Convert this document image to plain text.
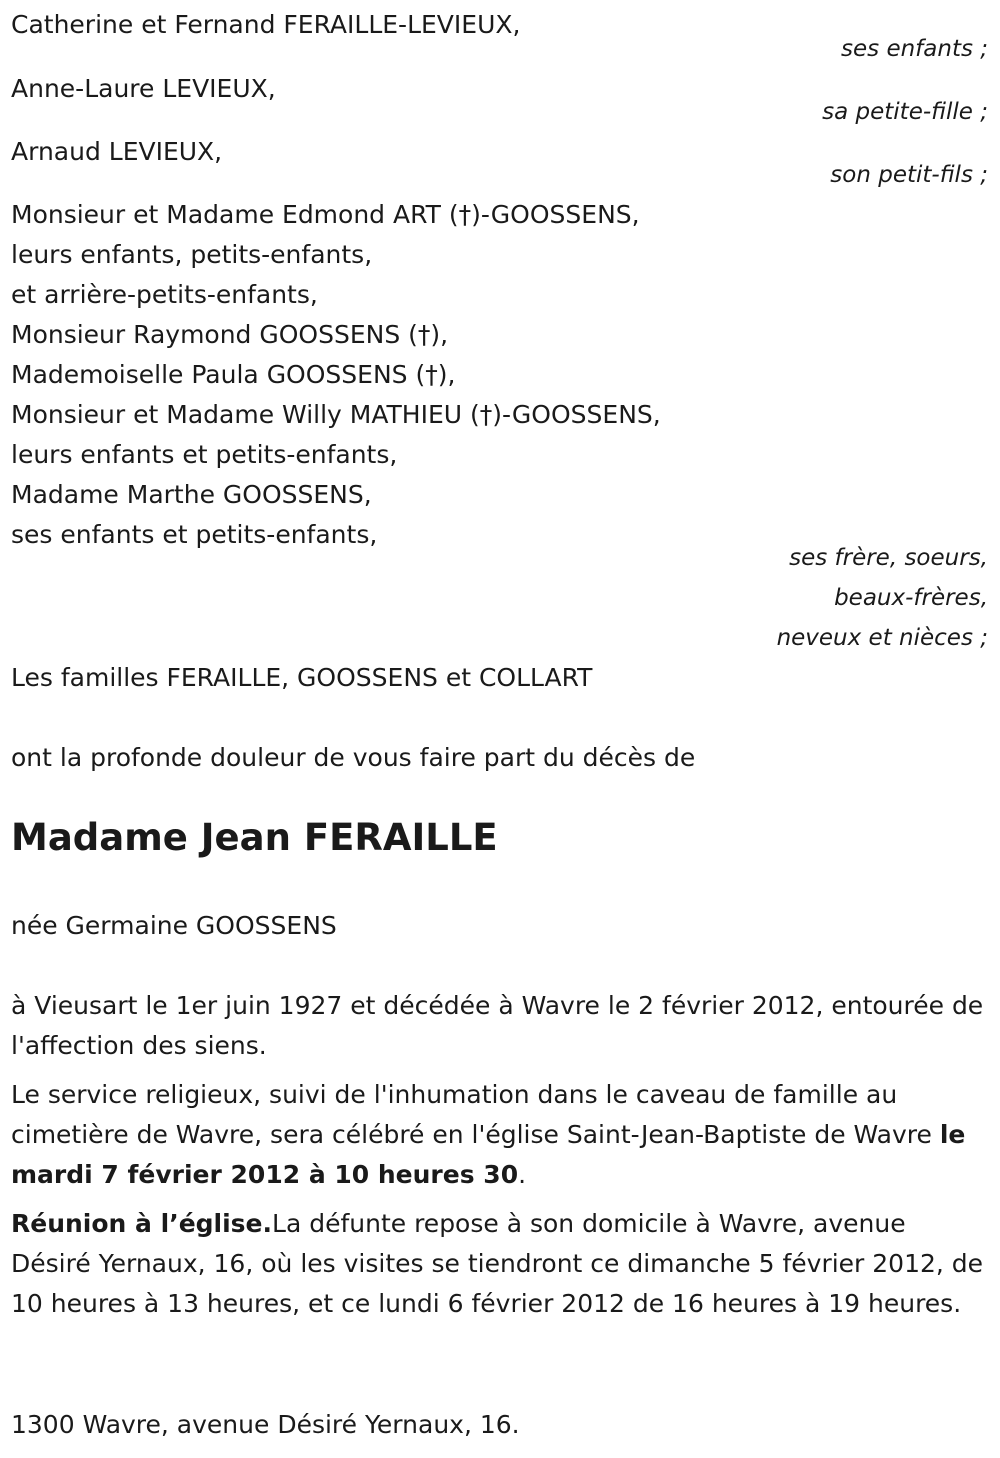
Catherine et Fernand FERAILLE-LEVIEUX,
ses enfants ;
Anne-Laure LEVIEUX,
sa petite-fille ;
Arnaud LEVIEUX,
son petit-fils ;
Monsieur et Madame Edmond ART (†)-GOOSSENS,
leurs enfants, petits-enfants,
et arrière-petits-enfants,
Monsieur Raymond GOOSSENS (†),
Mademoiselle Paula GOOSSENS (†),
Monsieur et Madame Willy MATHIEU (†)-GOOSSENS,
leurs enfants et petits-enfants,
Madame Marthe GOOSSENS,
ses enfants et petits-enfants,
ses frère, soeurs,
beaux-frères,
neveux et nièces ;
Les familles FERAILLE, GOOSSENS et COLLART
ont la profonde douleur de vous faire part du décès de
Madame Jean FERAILLE
née Germaine GOOSSENS
à Vieusart le 1er juin 1927 et décédée à Wavre le 2 février 2012, entourée de l'affection des siens.
Le service religieux, suivi de l'inhumation dans le caveau de famille au cimetière de Wavre, sera célébré en l'église Saint-Jean-Baptiste de Wavre le mardi 7 février 2012 à 10 heures 30.
Réunion à l’église.La défunte repose à son domicile à Wavre, avenue Désiré Yernaux, 16, où les visites se tiendront ce dimanche 5 février 2012, de 10 heures à 13 heures, et ce lundi 6 février 2012 de 16 heures à 19 heures.
1300 Wavre, avenue Désiré Yernaux, 16.
